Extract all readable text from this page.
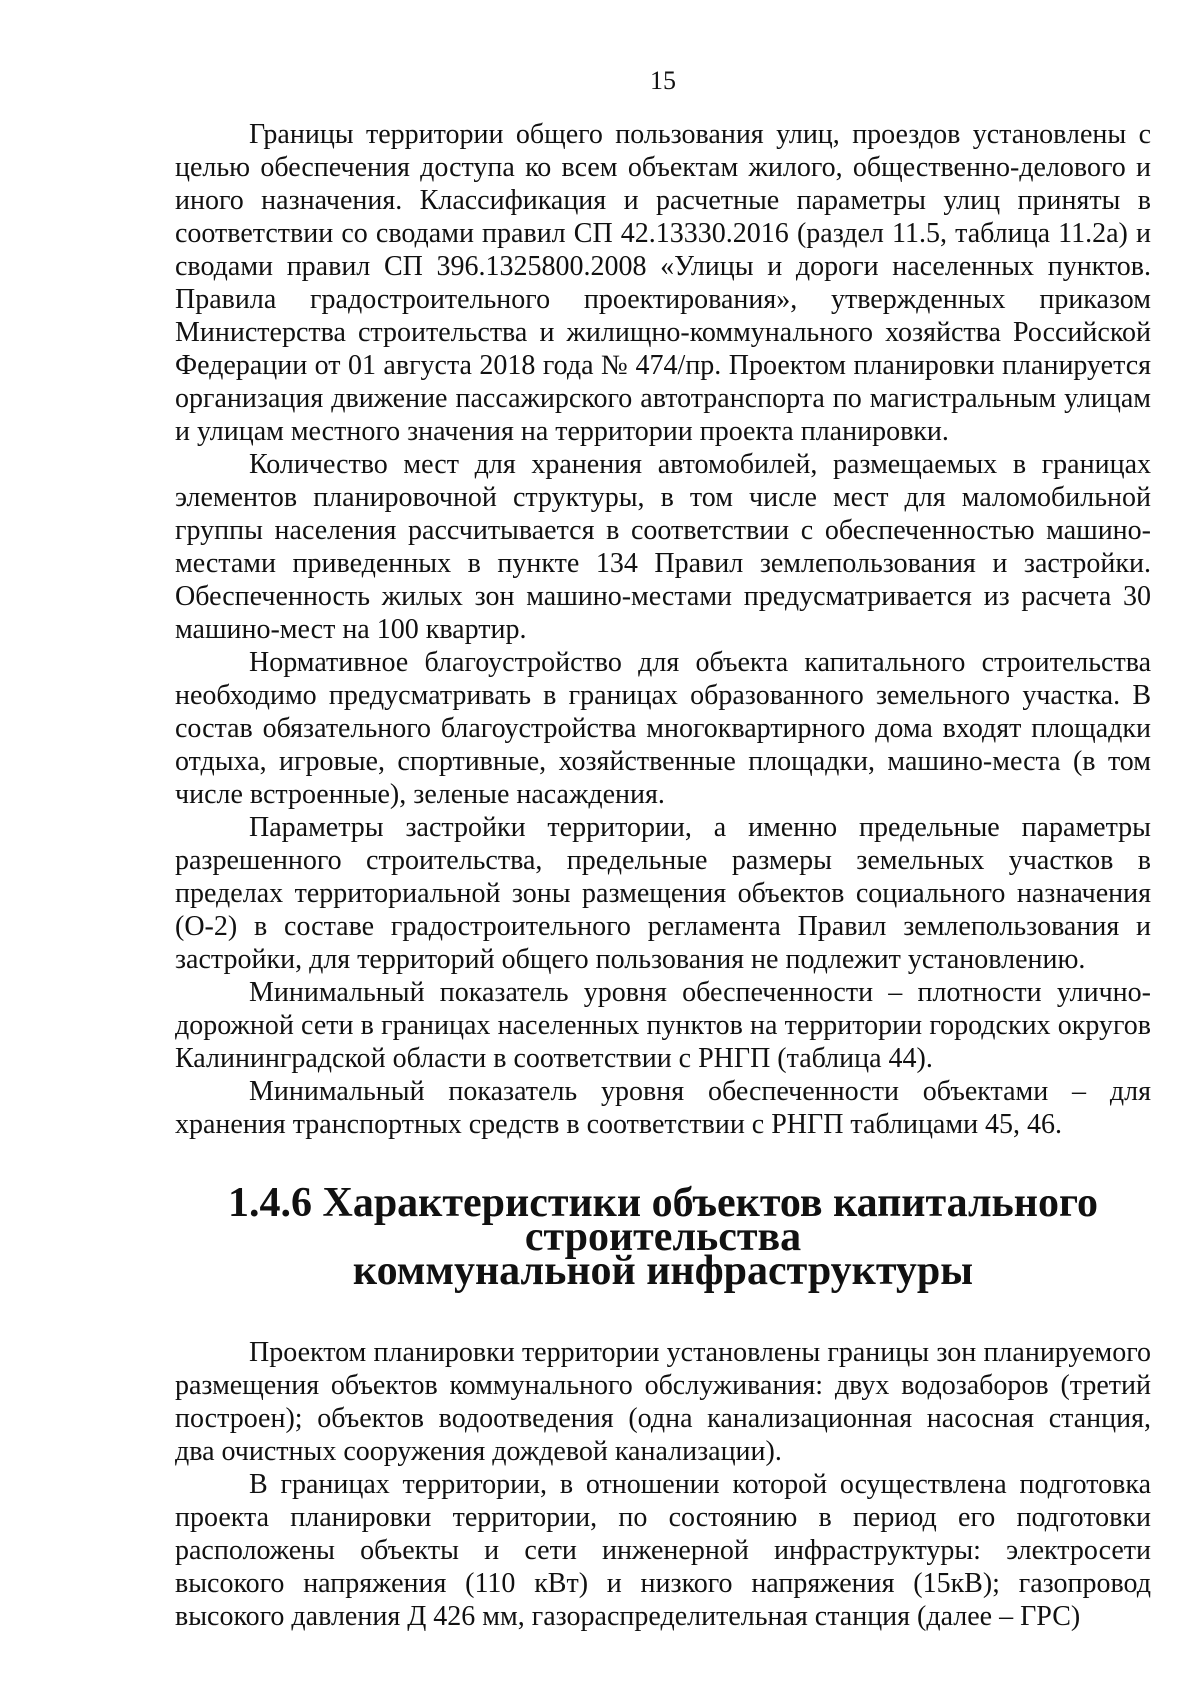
15

Границы территории общего пользования улиц, проездов установлены с целью обеспечения доступа ко всем объектам жилого, общественно-делового и иного назначения. Классификация и расчетные параметры улиц приняты в соответствии со сводами правил СП 42.13330.2016 (раздел 11.5, таблица 11.2а) и сводами правил СП 396.1325800.2008 «Улицы и дороги населенных пунктов. Правила градостроительного проектирования», утвержденных приказом Министерства строительства и жилищно-коммунального хозяйства Российской Федерации от 01 августа 2018 года № 474/пр. Проектом планировки планируется организация движение пассажирского автотранспорта по магистральным улицам и улицам местного значения на территории проекта планировки.

Количество мест для хранения автомобилей, размещаемых в границах элементов планировочной структуры, в том числе мест для маломобильной группы населения рассчитывается в соответствии с обеспеченностью машино-местами приведенных в пункте 134 Правил землепользования и застройки. Обеспеченность жилых зон машино-местами предусматривается из расчета 30 машино-мест на 100 квартир.

Нормативное благоустройство для объекта капитального строительства необходимо предусматривать в границах образованного земельного участка. В состав обязательного благоустройства многоквартирного дома входят площадки отдыха, игровые, спортивные, хозяйственные площадки, машино-места (в том числе встроенные), зеленые насаждения.

Параметры застройки территории, а именно предельные параметры разрешенного строительства, предельные размеры земельных участков в пределах территориальной зоны размещения объектов социального назначения (О-2) в составе градостроительного регламента Правил землепользования и застройки, для территорий общего пользования не подлежит установлению.

Минимальный показатель уровня обеспеченности – плотности улично-дорожной сети в границах населенных пунктов на территории городских округов Калининградской области в соответствии с РНГП (таблица 44).

Минимальный показатель уровня обеспеченности объектами – для хранения транспортных средств в соответствии с РНГП таблицами 45, 46.

1.4.6 Характеристики объектов капитального строительства
коммунальной инфраструктуры

Проектом планировки территории установлены границы зон планируемого размещения объектов коммунального обслуживания: двух водозаборов (третий построен); объектов водоотведения (одна канализационная насосная станция, два очистных сооружения дождевой канализации).

В границах территории, в отношении которой осуществлена подготовка проекта планировки территории, по состоянию в период его подготовки расположены объекты и сети инженерной инфраструктуры: электросети высокого напряжения (110 кВт) и низкого напряжения (15кВ); газопровод высокого давления Д 426 мм, газораспределительная станция (далее – ГРС)
